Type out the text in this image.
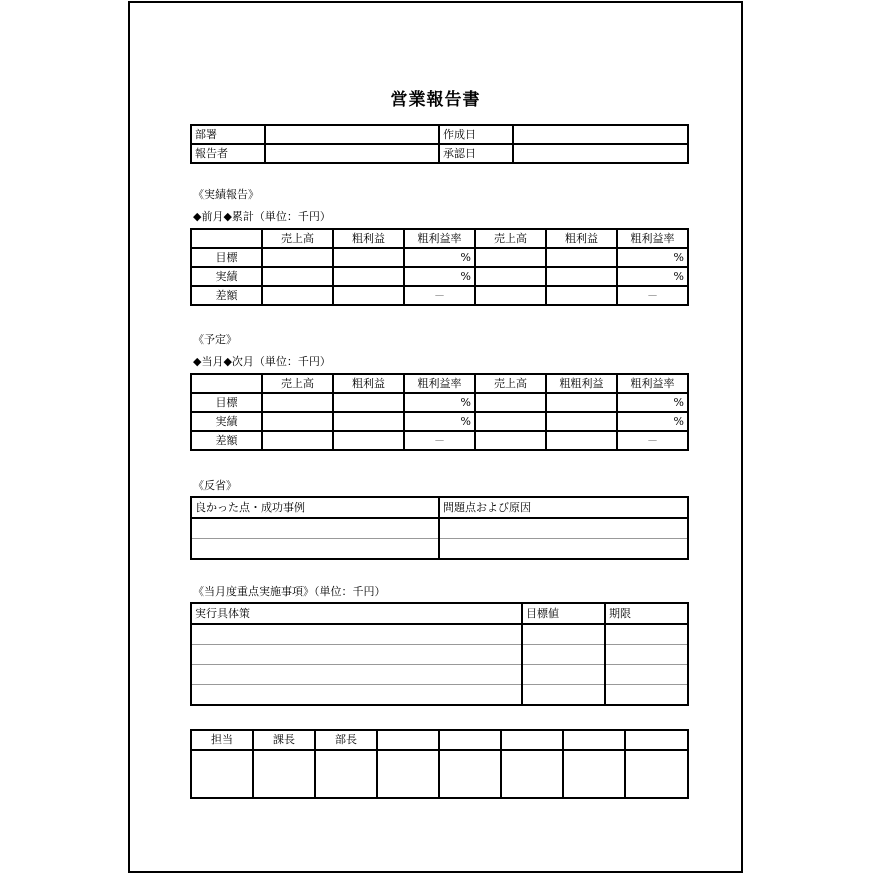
営業報告書
部署		作成日	
報告者		承認日	
《実績報告》
◆前月◆累計（単位：千円）
	売上高	粗利益	粗利益率	売上高	粗利益	粗利益率
目標			%			%
実績			%			%
差額			－			－
《予定》
◆当月◆次月（単位：千円）
	売上高	粗利益	粗利益率	売上高	粗粗利益	粗利益率
目標			%			%
実績			%			%
差額			－			－
《反省》
良かった点・成功事例	問題点および原因

《当月度重点実施事項》（単位：千円）
実行具体策	目標値	期限

担当	課長	部長					
